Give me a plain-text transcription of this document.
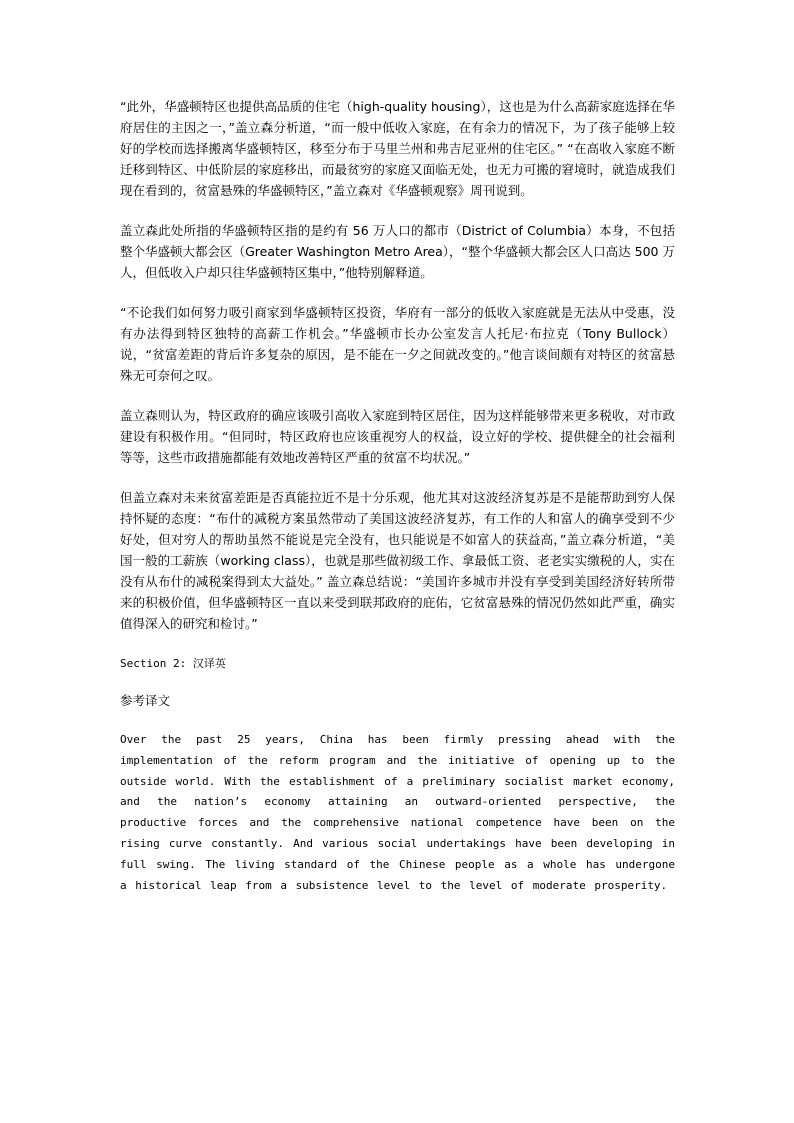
“此外，华盛顿特区也提供高品质的住宅（high-quality housing），这也是为什么高薪家庭选择在华府居住的主因之一，”盖立森分析道，“而一般中低收入家庭，在有余力的情况下，为了孩子能够上较好的学校而选择搬离华盛顿特区，移至分布于马里兰州和弗吉尼亚州的住宅区。” “在高收入家庭不断迁移到特区、中低阶层的家庭移出，而最贫穷的家庭又面临无处，也无力可搬的窘境时，就造成我们现在看到的，贫富悬殊的华盛顿特区，”盖立森对《华盛顿观察》周刊说到。

盖立森此处所指的华盛顿特区指的是约有 56 万人口的都市（District of Columbia）本身，不包括整个华盛顿大都会区（Greater Washington Metro Area），“整个华盛顿大都会区人口高达 500 万人，但低收入户却只往华盛顿特区集中，”他特别解释道。

“不论我们如何努力吸引商家到华盛顿特区投资，华府有一部分的低收入家庭就是无法从中受惠，没有办法得到特区独特的高薪工作机会。”华盛顿市长办公室发言人托尼·布拉克（Tony Bullock）说，“贫富差距的背后许多复杂的原因，是不能在一夕之间就改变的。”他言谈间颇有对特区的贫富悬殊无可奈何之叹。

盖立森则认为，特区政府的确应该吸引高收入家庭到特区居住，因为这样能够带来更多税收，对市政建设有积极作用。“但同时，特区政府也应该重视穷人的权益，设立好的学校、提供健全的社会福利等等，这些市政措施都能有效地改善特区严重的贫富不均状况。”

但盖立森对未来贫富差距是否真能拉近不是十分乐观，他尤其对这波经济复苏是不是能帮助到穷人保持怀疑的态度：“布什的减税方案虽然带动了美国这波经济复苏，有工作的人和富人的确享受到不少好处，但对穷人的帮助虽然不能说是完全没有，也只能说是不如富人的获益高，”盖立森分析道，“美国一般的工薪族（working class），也就是那些做初级工作、拿最低工资、老老实实缴税的人，实在没有从布什的减税案得到太大益处。” 盖立森总结说：“美国许多城市并没有享受到美国经济好转所带来的积极价值，但华盛顿特区一直以来受到联邦政府的庇佑，它贫富悬殊的情况仍然如此严重，确实值得深入的研究和检讨。”

Section 2: 汉译英

参考译文

Over the past 25 years, China has been firmly pressing ahead with the implementation of the reform program and the initiative of opening up to the outside world. With the establishment of a preliminary socialist market economy, and the nation’s economy attaining an outward-oriented perspective, the productive forces and the comprehensive national competence have been on the rising curve constantly. And various social undertakings have been developing in full swing. The living standard of the Chinese people as a whole has undergone a historical leap from a subsistence level to the level of moderate prosperity.
